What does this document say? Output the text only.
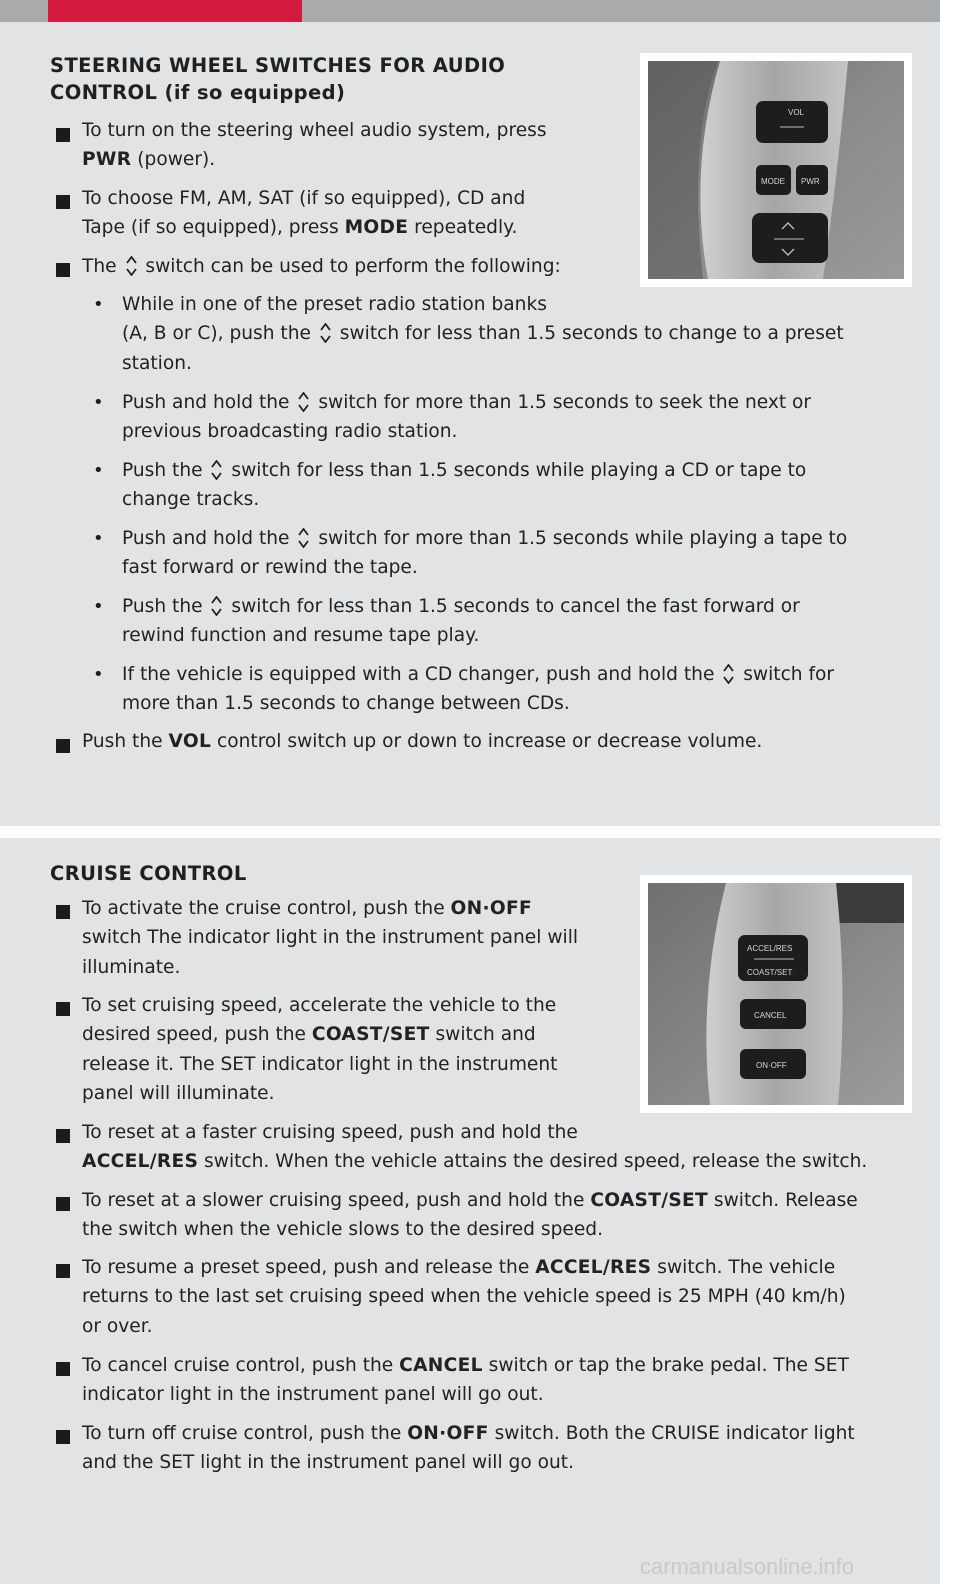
STEERING WHEEL SWITCHES FOR AUDIO
CONTROL (if so equipped)
VOL
MODE PWR

To turn on the steering wheel audio system, press
PWR (power).

To choose FM, AM, SAT (if so equipped), CD and
Tape (if so equipped), press MODE repeatedly.

The  switch can be used to perform the following:

• While in one of the preset radio station banks
(A, B or C), push the  switch for less than 1.5 seconds to change to a preset
station.

• Push and hold the  switch for more than 1.5 seconds to seek the next or
previous broadcasting radio station.

• Push the  switch for less than 1.5 seconds while playing a CD or tape to
change tracks.

• Push and hold the  switch for more than 1.5 seconds while playing a tape to
fast forward or rewind the tape.

• Push the  switch for less than 1.5 seconds to cancel the fast forward or
rewind function and resume tape play.

• If the vehicle is equipped with a CD changer, push and hold the  switch for
more than 1.5 seconds to change between CDs.

Push the VOL control switch up or down to increase or decrease volume.

CRUISE CONTROL
ACCEL/RES
COAST/SET
CANCEL
ON·OFF

To activate the cruise control, push the ON·OFF
switch The indicator light in the instrument panel will
illuminate.

To set cruising speed, accelerate the vehicle to the
desired speed, push the COAST/SET switch and
release it. The SET indicator light in the instrument
panel will illuminate.

To reset at a faster cruising speed, push and hold the
ACCEL/RES switch. When the vehicle attains the desired speed, release the switch.

To reset at a slower cruising speed, push and hold the COAST/SET switch. Release
the switch when the vehicle slows to the desired speed.

To resume a preset speed, push and release the ACCEL/RES switch. The vehicle
returns to the last set cruising speed when the vehicle speed is 25 MPH (40 km/h)
or over.

To cancel cruise control, push the CANCEL switch or tap the brake pedal. The SET
indicator light in the instrument panel will go out.

To turn off cruise control, push the ON·OFF switch. Both the CRUISE indicator light
and the SET light in the instrument panel will go out.

carmanualsonline.info
